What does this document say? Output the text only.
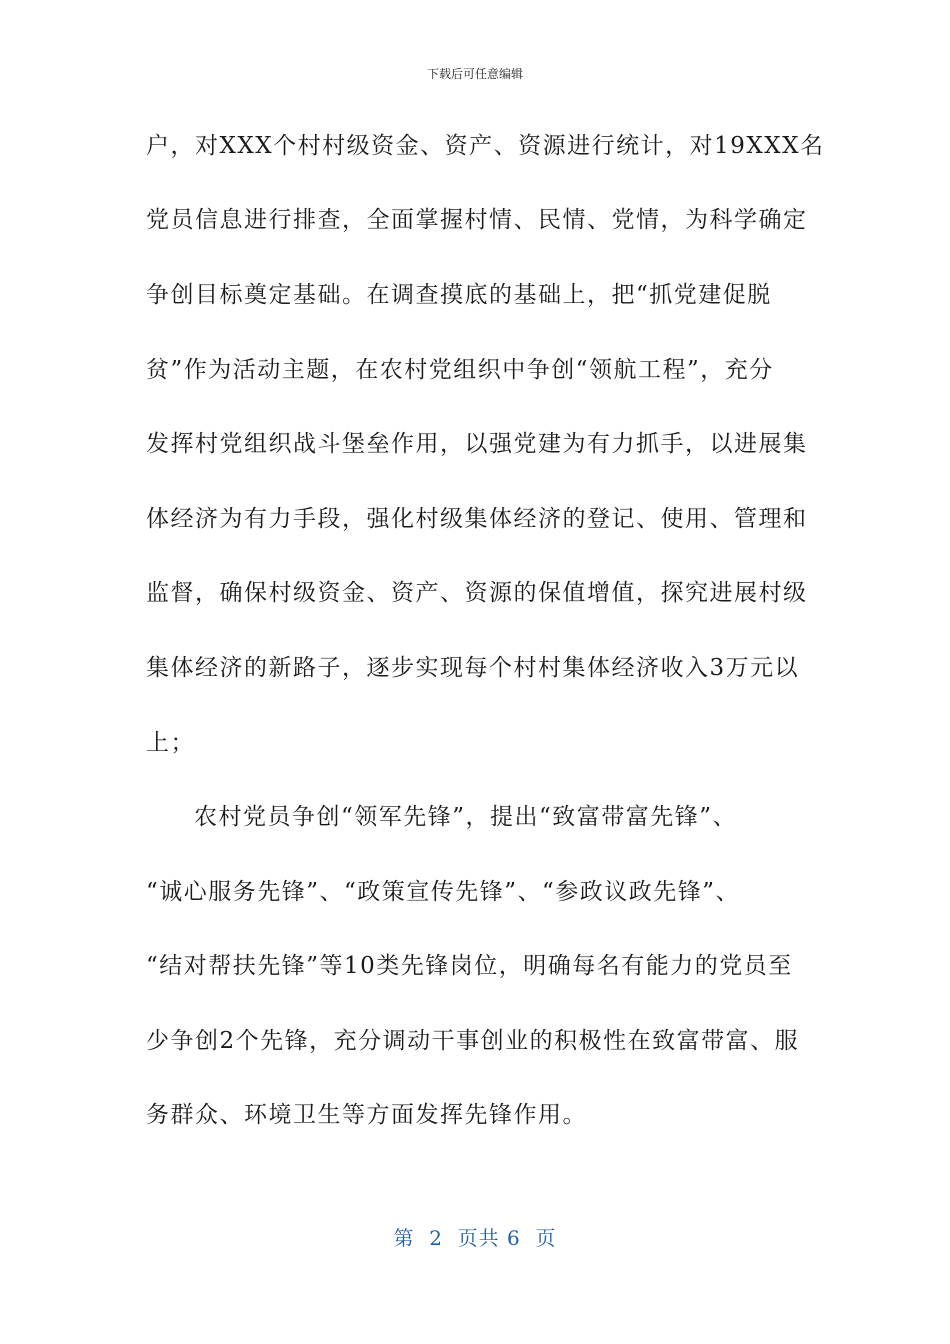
下载后可任意编辑
户，对XXX个村村级资金、资产、资源进行统计，对19XXX名
党员信息进行排查，全面掌握村情、民情、党情，为科学确定
争创目标奠定基础。在调查摸底的基础上，把“抓党建促脱
贫”作为活动主题，在农村党组织中争创“领航工程”，充分
发挥村党组织战斗堡垒作用，以强党建为有力抓手，以进展集
体经济为有力手段，强化村级集体经济的登记、使用、管理和
监督，确保村级资金、资产、资源的保值增值，探究进展村级
集体经济的新路子，逐步实现每个村村集体经济收入3万元以
上；
农村党员争创“领军先锋”，提出“致富带富先锋”、
“诚心服务先锋”、“政策宣传先锋”、“参政议政先锋”、
“结对帮扶先锋”等10类先锋岗位，明确每名有能力的党员至
少争创2个先锋，充分调动干事创业的积极性在致富带富、服
务群众、环境卫生等方面发挥先锋作用。
第  2  页共 6  页
